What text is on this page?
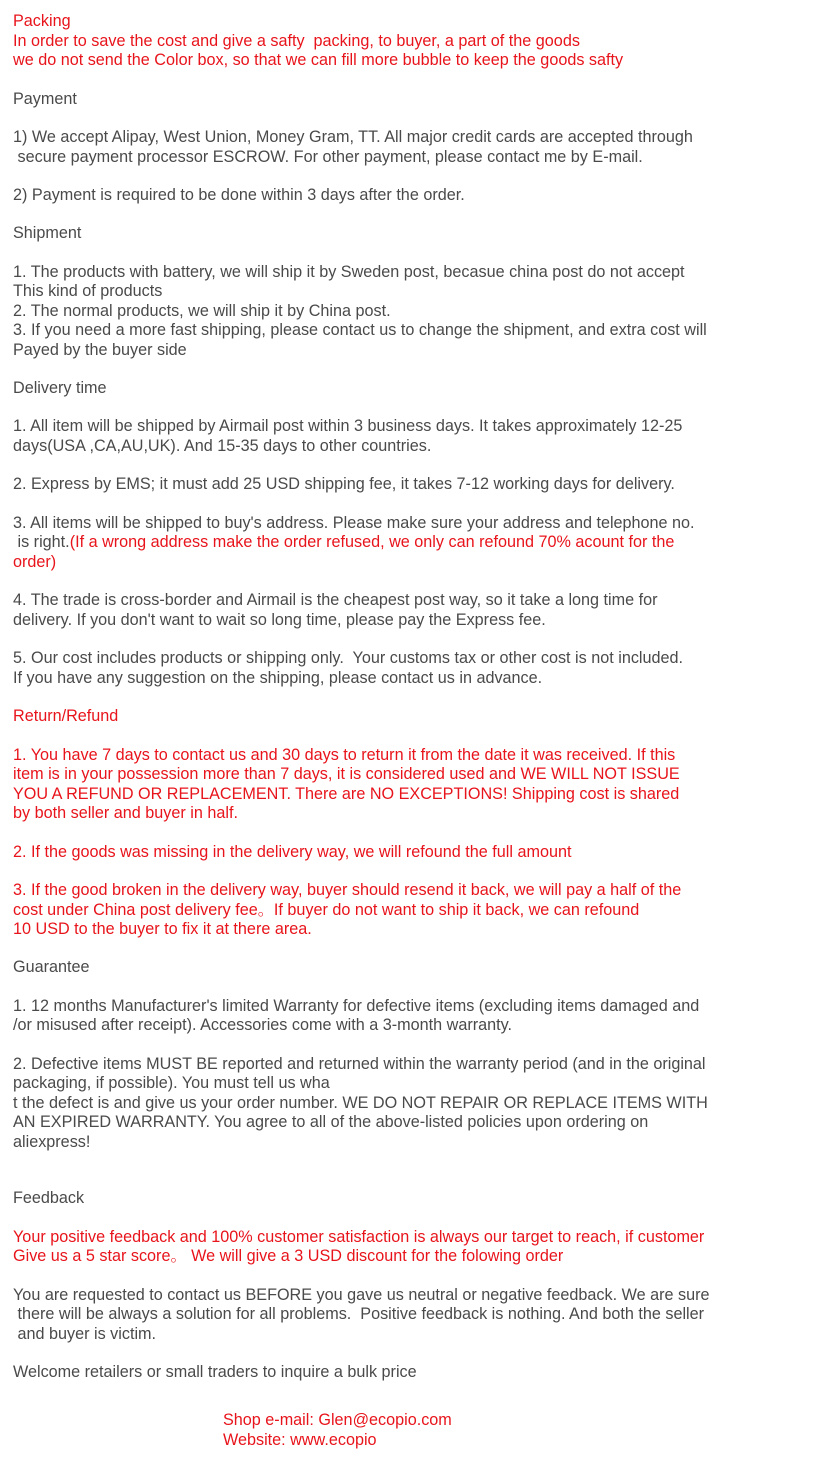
Packing
In order to save the cost and give a safty  packing, to buyer, a part of the goods
we do not send the Color box, so that we can fill more bubble to keep the goods safty
Payment
1) We accept Alipay, West Union, Money Gram, TT. All major credit cards are accepted through
secure payment processor ESCROW. For other payment, please contact me by E-mail.
2) Payment is required to be done within 3 days after the order.
Shipment
1. The products with battery, we will ship it by Sweden post, becasue china post do not accept
This kind of products
2. The normal products, we will ship it by China post.
3. If you need a more fast shipping, please contact us to change the shipment, and extra cost will
Payed by the buyer side
Delivery time
1. All item will be shipped by Airmail post within 3 business days. It takes approximately 12-25
days(USA ,CA,AU,UK). And 15-35 days to other countries.
2. Express by EMS; it must add 25 USD shipping fee, it takes 7-12 working days for delivery.
3. All items will be shipped to buy's address. Please make sure your address and telephone no.
is right.(If a wrong address make the order refused, we only can refound 70% acount for the
order)
4. The trade is cross-border and Airmail is the cheapest post way, so it take a long time for
delivery. If you don't want to wait so long time, please pay the Express fee.
5. Our cost includes products or shipping only.  Your customs tax or other cost is not included.
If you have any suggestion on the shipping, please contact us in advance.
Return/Refund
1. You have 7 days to contact us and 30 days to return it from the date it was received. If this
item is in your possession more than 7 days, it is considered used and WE WILL NOT ISSUE
YOU A REFUND OR REPLACEMENT. There are NO EXCEPTIONS! Shipping cost is shared
by both seller and buyer in half.
2. If the goods was missing in the delivery way, we will refound the full amount
3. If the good broken in the delivery way, buyer should resend it back, we will pay a half of the
cost under China post delivery fee。If buyer do not want to ship it back, we can refound
10 USD to the buyer to fix it at there area.
Guarantee
1. 12 months Manufacturer's limited Warranty for defective items (excluding items damaged and
/or misused after receipt). Accessories come with a 3-month warranty.
2. Defective items MUST BE reported and returned within the warranty period (and in the original
packaging, if possible). You must tell us wha
t the defect is and give us your order number. WE DO NOT REPAIR OR REPLACE ITEMS WITH
AN EXPIRED WARRANTY. You agree to all of the above-listed policies upon ordering on
aliexpress!
Feedback
Your positive feedback and 100% customer satisfaction is always our target to reach, if customer
Give us a 5 star score。 We will give a 3 USD discount for the folowing order
You are requested to contact us BEFORE you gave us neutral or negative feedback. We are sure
there will be always a solution for all problems.  Positive feedback is nothing. And both the seller
and buyer is victim.
Welcome retailers or small traders to inquire a bulk price
Shop e-mail: Glen@ecopio.com
Website: www.ecopio
